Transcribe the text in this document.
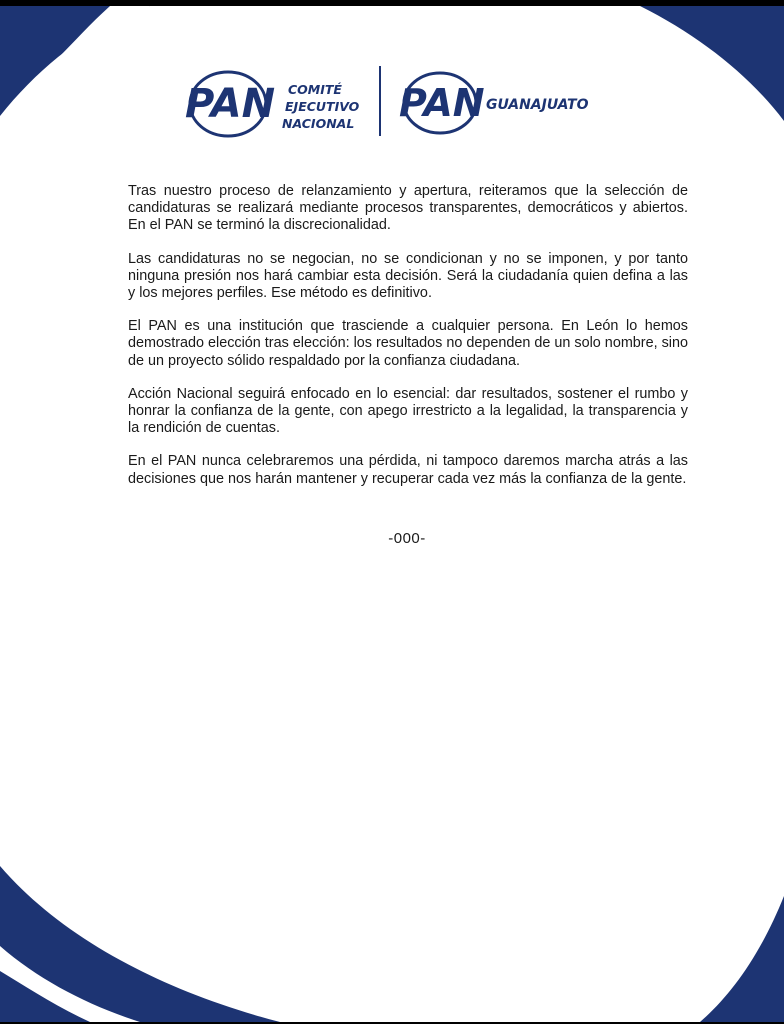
PAN COMITÉ
EJECUTIVO
NACIONAL PAN GUANAJUATO

Tras nuestro proceso de relanzamiento y apertura, reiteramos que la selección de candidaturas se realizará mediante procesos transparentes, democráticos y abiertos. En el PAN se terminó la discrecionalidad.

Las candidaturas no se negocian, no se condicionan y no se imponen, y por tanto ninguna presión nos hará cambiar esta decisión. Será la ciudadanía quien defina a las y los mejores perfiles. Ese método es definitivo.

El PAN es una institución que trasciende a cualquier persona. En León lo hemos demostrado elección tras elección: los resultados no dependen de un solo nombre, sino de un proyecto sólido respaldado por la confianza ciudadana.

Acción Nacional seguirá enfocado en lo esencial: dar resultados, sostener el rumbo y honrar la confianza de la gente, con apego irrestricto a la legalidad, la transparencia y la rendición de cuentas.

En el PAN nunca celebraremos una pérdida, ni tampoco daremos marcha atrás a las decisiones que nos harán mantener y recuperar cada vez más la confianza de la gente.

-000-
